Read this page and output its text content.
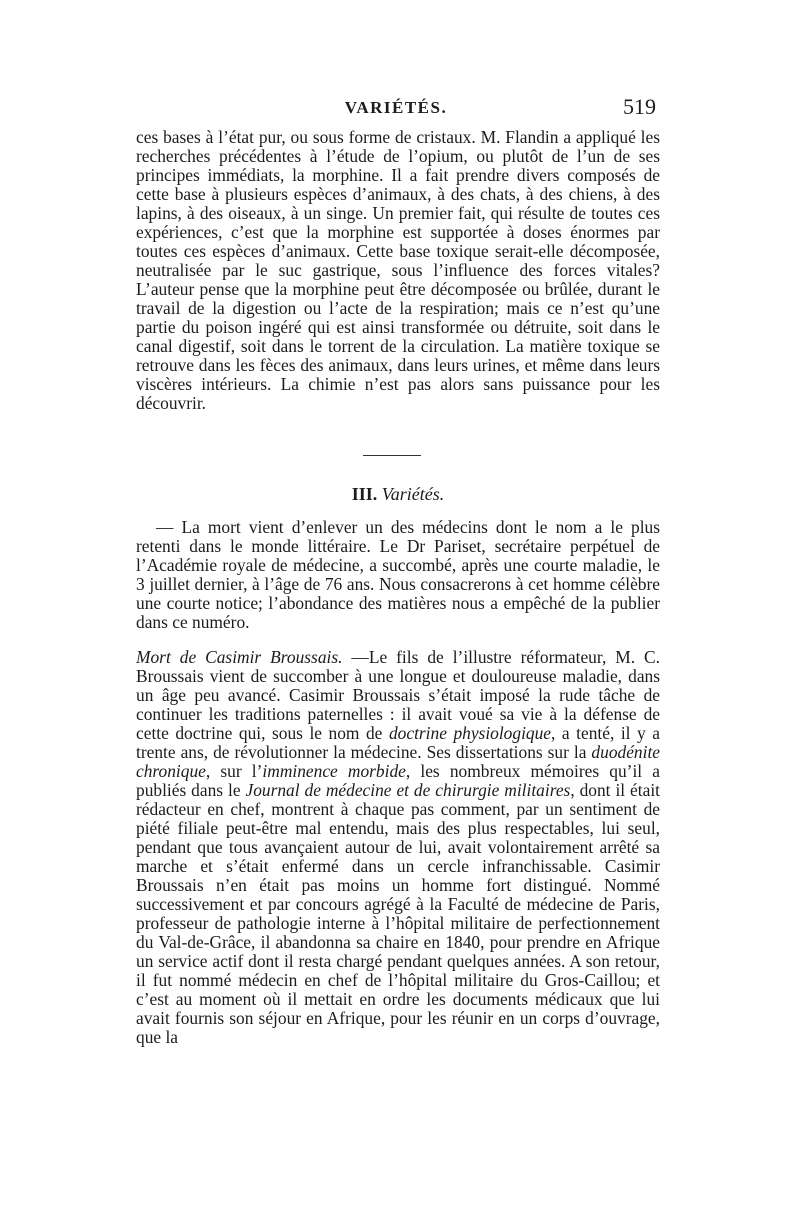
VARIÉTÉS.	519

ces bases à l’état pur, ou sous forme de cristaux. M. Flandin a appliqué les recherches précédentes à l’étude de l’opium, ou plutôt de l’un de ses principes immédiats, la morphine. Il a fait prendre divers composés de cette base à plusieurs espèces d’animaux, à des chats, à des chiens, à des lapins, à des oiseaux, à un singe. Un premier fait, qui résulte de toutes ces expériences, c’est que la morphine est supportée à doses énormes par toutes ces espèces d’animaux. Cette base toxique serait-elle décomposée, neutralisée par le suc gastrique, sous l’influence des forces vitales? L’auteur pense que la morphine peut être décomposée ou brûlée, durant le travail de la digestion ou l’acte de la respiration; mais ce n’est qu’une partie du poison ingéré qui est ainsi transformée ou détruite, soit dans le canal digestif, soit dans le torrent de la circulation. La matière toxique se retrouve dans les fèces des animaux, dans leurs urines, et même dans leurs viscères intérieurs. La chimie n’est pas alors sans puissance pour les découvrir.

III. Variétés.

— La mort vient d’enlever un des médecins dont le nom a le plus retenti dans le monde littéraire. Le Dr Pariset, secrétaire perpétuel de l’Académie royale de médecine, a succombé, après une courte maladie, le 3 juillet dernier, à l’âge de 76 ans. Nous consacrerons à cet homme célèbre une courte notice; l’abondance des matières nous a empêché de la publier dans ce numéro.

Mort de Casimir Broussais. —Le fils de l’illustre réformateur, M. C. Broussais vient de succomber à une longue et douloureuse maladie, dans un âge peu avancé. Casimir Broussais s’était imposé la rude tâche de continuer les traditions paternelles : il avait voué sa vie à la défense de cette doctrine qui, sous le nom de doctrine physiologique, a tenté, il y a trente ans, de révolutionner la médecine. Ses dissertations sur la duodénite chronique, sur l’imminence morbide, les nombreux mémoires qu’il a publiés dans le Journal de médecine et de chirurgie militaires, dont il était rédacteur en chef, montrent à chaque pas comment, par un sentiment de piété filiale peut-être mal entendu, mais des plus respectables, lui seul, pendant que tous avançaient autour de lui, avait volontairement arrêté sa marche et s’était enfermé dans un cercle infranchissable. Casimir Broussais n’en était pas moins un homme fort distingué. Nommé successivement et par concours agrégé à la Faculté de médecine de Paris, professeur de pathologie interne à l’hôpital militaire de perfectionnement du Val-de-Grâce, il abandonna sa chaire en 1840, pour prendre en Afrique un service actif dont il resta chargé pendant quelques années. A son retour, il fut nommé médecin en chef de l’hôpital militaire du Gros-Caillou; et c’est au moment où il mettait en ordre les documents médicaux que lui avait fournis son séjour en Afrique, pour les réunir en un corps d’ouvrage, que la
